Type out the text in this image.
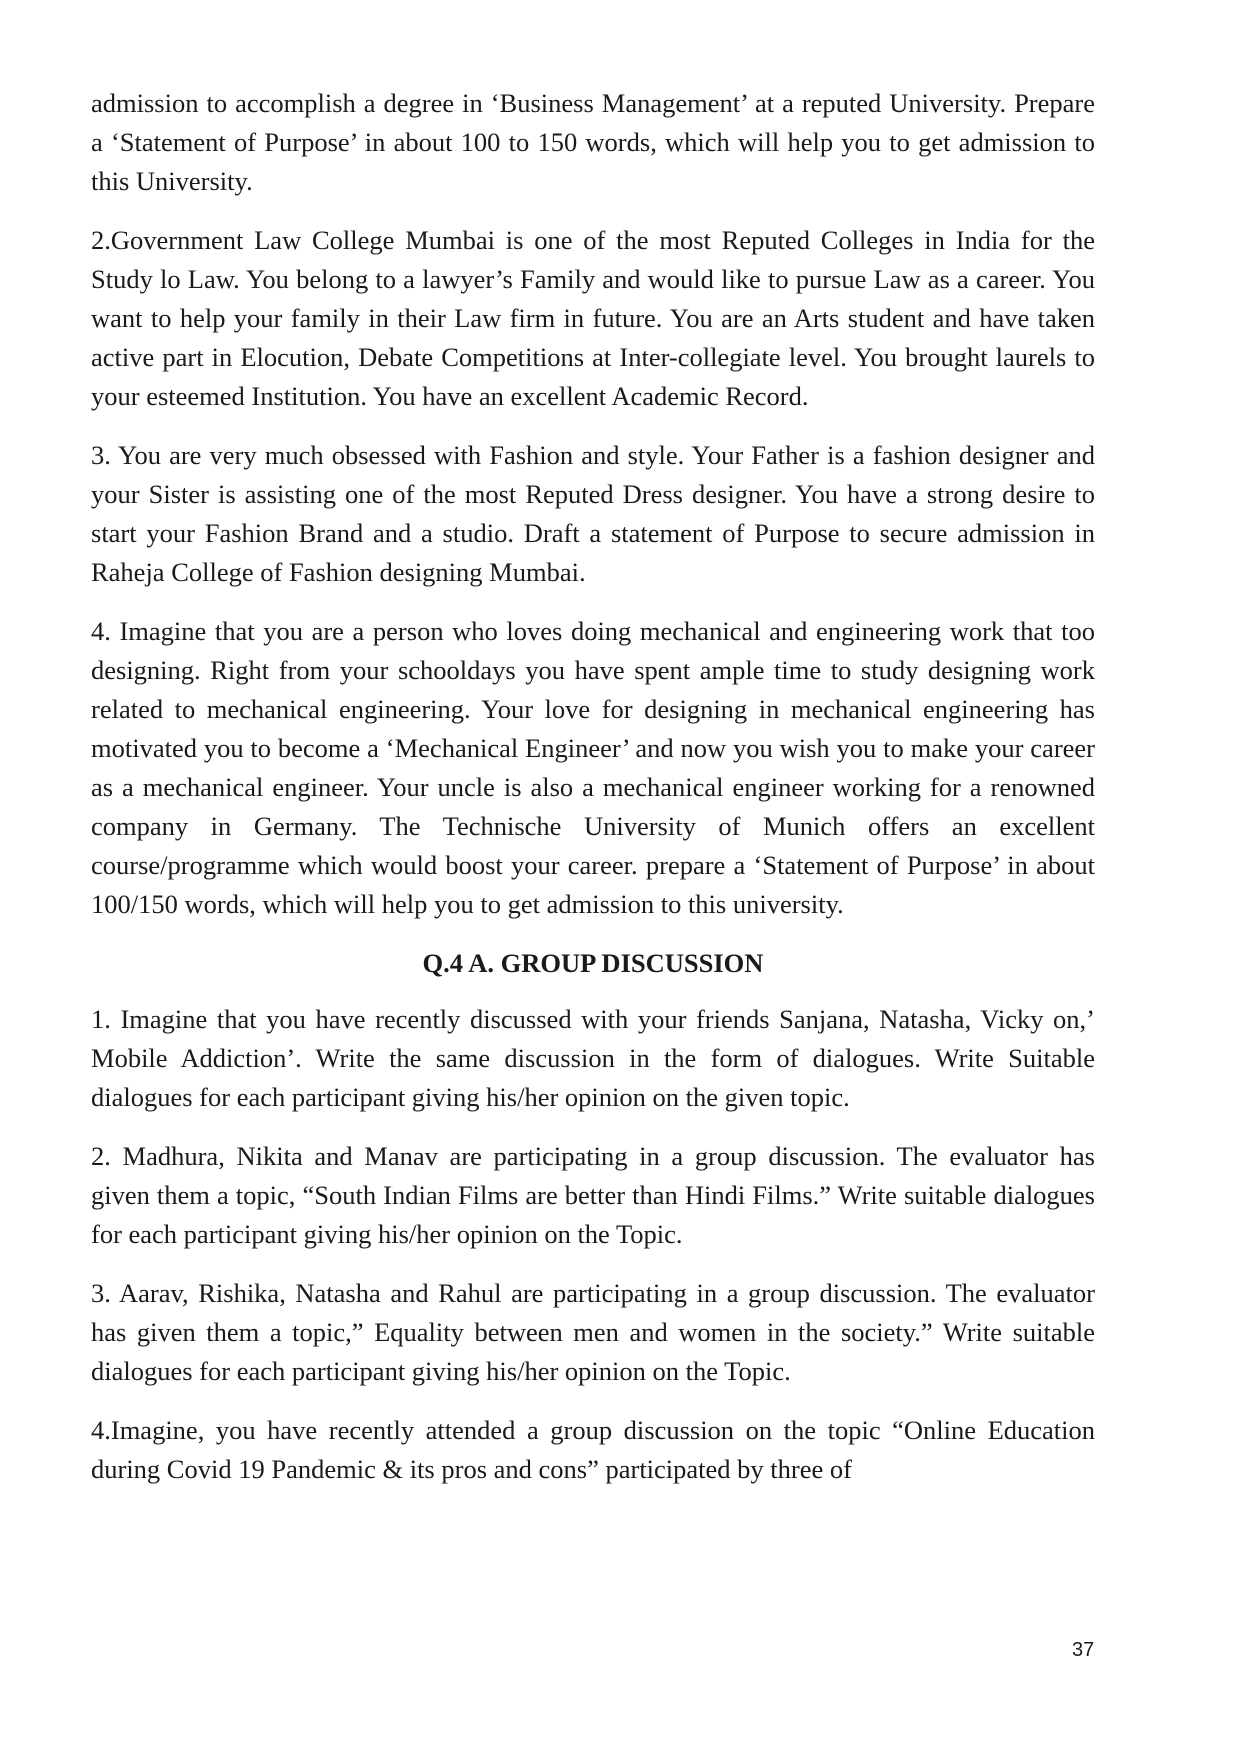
admission to accomplish a degree in ‘Business Management’ at a reputed University. Prepare a ‘Statement of Purpose’ in about 100 to 150 words, which will help you to get admission to this University.

2.Government Law College Mumbai is one of the most Reputed Colleges in India for the Study lo Law. You belong to a lawyer’s Family and would like to pursue Law as a career. You want to help your family in their Law firm in future. You are an Arts student and have taken active part in Elocution, Debate Competitions at Inter-collegiate level. You brought laurels to your esteemed Institution. You have an excellent Academic Record.

3. You are very much obsessed with Fashion and style. Your Father is a fashion designer and your Sister is assisting one of the most Reputed Dress designer. You have a strong desire to start your Fashion Brand and a studio. Draft a statement of Purpose to secure admission in Raheja College of Fashion designing Mumbai.

4. Imagine that you are a person who loves doing mechanical and engineering work that too designing. Right from your schooldays you have spent ample time to study designing work related to mechanical engineering. Your love for designing in mechanical engineering has motivated you to become a ‘Mechanical Engineer’ and now you wish you to make your career as a mechanical engineer. Your uncle is also a mechanical engineer working for a renowned company in Germany. The Technische University of Munich offers an excellent course/programme which would boost your career. prepare a ‘Statement of Purpose’ in about 100/150 words, which will help you to get admission to this university.

Q.4 A. GROUP DISCUSSION

1. Imagine that you have recently discussed with your friends Sanjana, Natasha, Vicky on,’ Mobile Addiction’. Write the same discussion in the form of dialogues. Write Suitable dialogues for each participant giving his/her opinion on the given topic.

2. Madhura, Nikita and Manav are participating in a group discussion. The evaluator has given them a topic, “South Indian Films are better than Hindi Films.” Write suitable dialogues for each participant giving his/her opinion on the Topic.

3. Aarav, Rishika, Natasha and Rahul are participating in a group discussion. The evaluator has given them a topic,” Equality between men and women in the society.” Write suitable dialogues for each participant giving his/her opinion on the Topic.

4.Imagine, you have recently attended a group discussion on the topic “Online Education during Covid 19 Pandemic & its pros and cons” participated by three of

37
